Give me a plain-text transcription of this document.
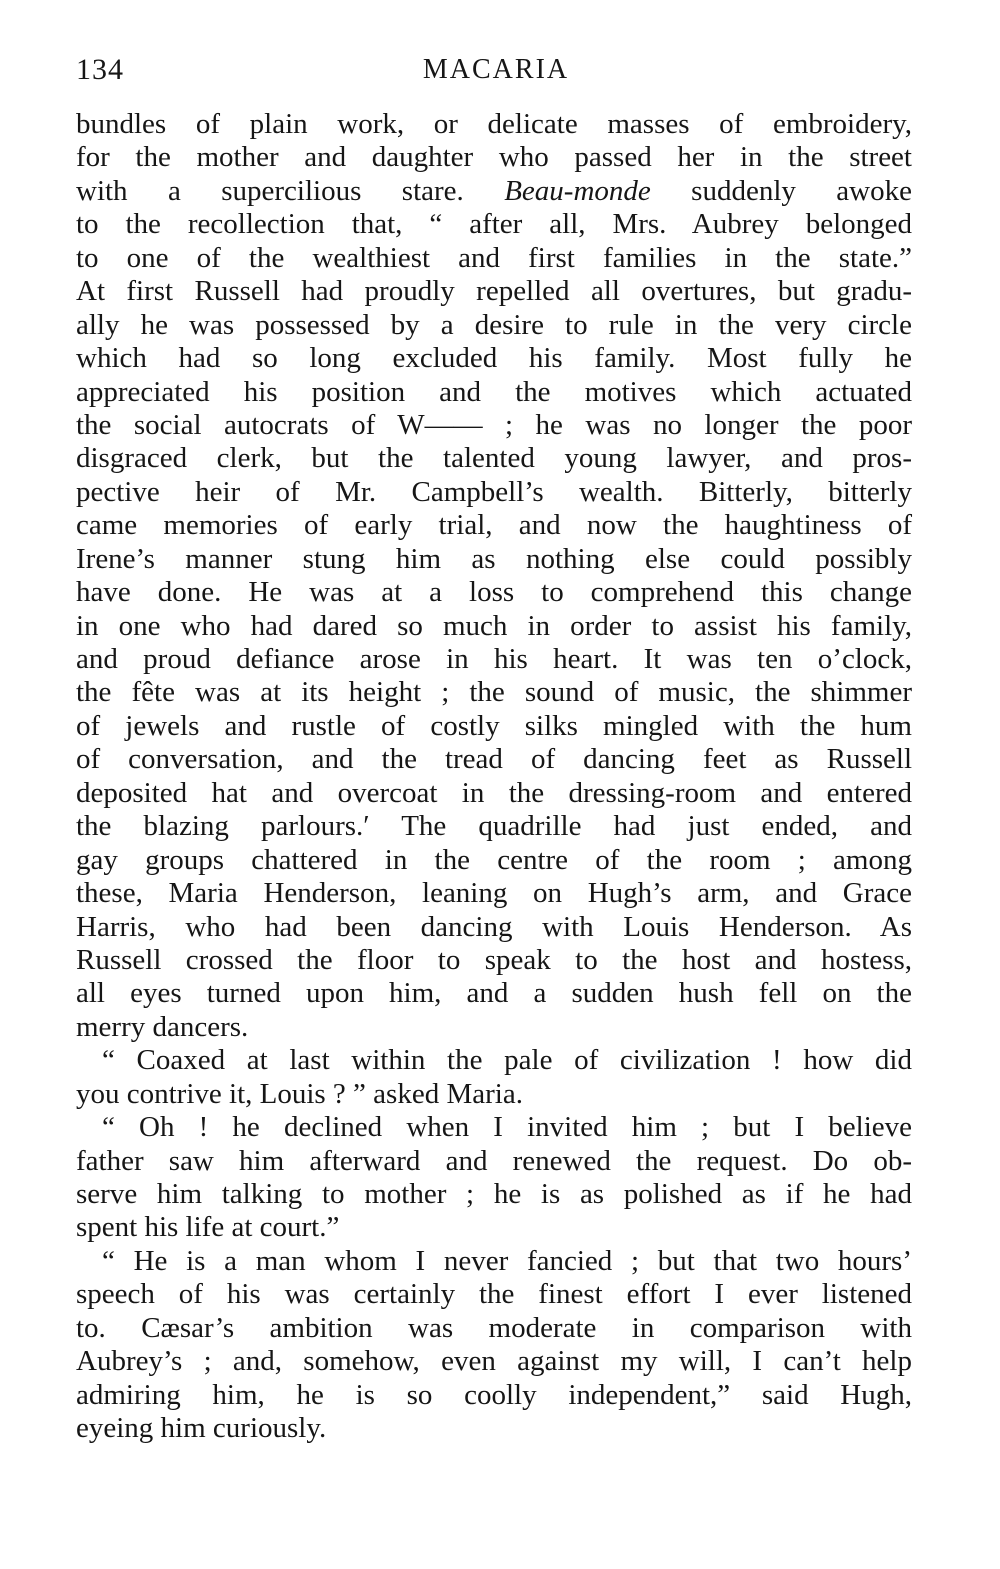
134	MACARIA
bundles of plain work, or delicate masses of embroidery,
for the mother and daughter who passed her in the street
with a supercilious stare. Beau-monde suddenly awoke
to the recollection that, “ after all, Mrs. Aubrey belonged
to one of the wealthiest and first families in the state.”
At first Russell had proudly repelled all overtures, but gradu-
ally he was possessed by a desire to rule in the very circle
which had so long excluded his family. Most fully he
appreciated his position and the motives which actuated
the social autocrats of W—— ; he was no longer the poor
disgraced clerk, but the talented young lawyer, and pros-
pective heir of Mr. Campbell’s wealth. Bitterly, bitterly
came memories of early trial, and now the haughtiness of
Irene’s manner stung him as nothing else could possibly
have done. He was at a loss to comprehend this change
in one who had dared so much in order to assist his family,
and proud defiance arose in his heart. It was ten o’clock,
the fête was at its height ; the sound of music, the shimmer
of jewels and rustle of costly silks mingled with the hum
of conversation, and the tread of dancing feet as Russell
deposited hat and overcoat in the dressing-room and entered
the blazing parlours.′ The quadrille had just ended, and
gay groups chattered in the centre of the room ; among
these, Maria Henderson, leaning on Hugh’s arm, and Grace
Harris, who had been dancing with Louis Henderson. As
Russell crossed the floor to speak to the host and hostess,
all eyes turned upon him, and a sudden hush fell on the
merry dancers.
“ Coaxed at last within the pale of civilization ! how did
you contrive it, Louis ? ” asked Maria.
“ Oh ! he declined when I invited him ; but I believe
father saw him afterward and renewed the request. Do ob-
serve him talking to mother ; he is as polished as if he had
spent his life at court.”
“ He is a man whom I never fancied ; but that two hours’
speech of his was certainly the finest effort I ever listened
to. Cæsar’s ambition was moderate in comparison with
Aubrey’s ; and, somehow, even against my will, I can’t help
admiring him, he is so coolly independent,” said Hugh,
eyeing him curiously.
